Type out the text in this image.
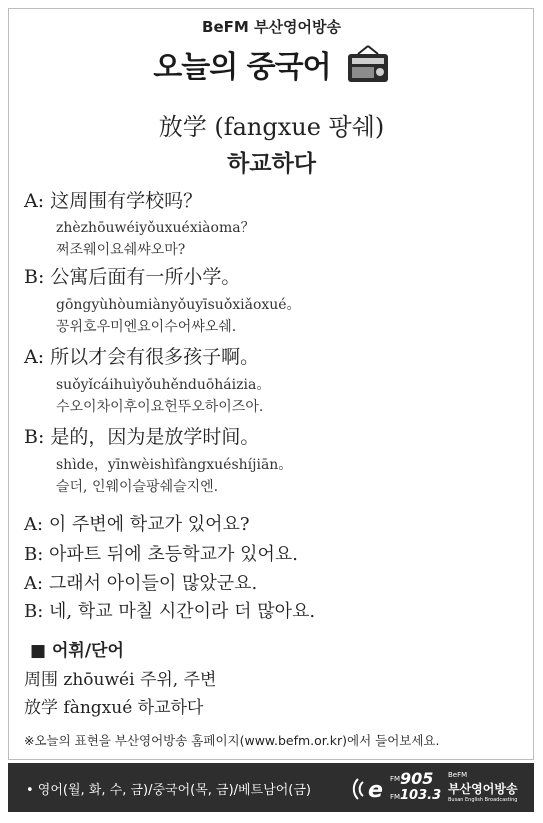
BeFM 부산영어방송
오늘의 중국어
放学 (fangxue 팡쉐)
하교하다
A: 这周围有学校吗？
zhèzhōuwéiyǒuxuéxiàoma？
쩌조웨이요쉐쌰오마?
B: 公寓后面有一所小学。
gōngyùhòumiànyǒuyīsuǒxiǎoxué。
꽁위호우미엔요이수어쌰오쉐.
A: 所以才会有很多孩子啊。
suǒyǐcáihuìyǒuhěnduōháizia。
수오이차이후이요헌뚜오하이즈아.
B: 是的，因为是放学时间。
shìde，yīnwèishìfàngxuéshíjiān。
슬더, 인웨이슬팡쉐슬지엔.
A: 이 주변에 학교가 있어요?
B: 아파트 뒤에 초등학교가 있어요.
A: 그래서 아이들이 많았군요.
B: 네, 학교 마칠 시간이라 더 많아요.
■ 어휘/단어
周围 zhōuwéi 주위, 주변
放学 fàngxué 하교하다
※오늘의 표현을 부산영어방송 홈페이지(www.befm.or.kr)에서 들어보세요.
• 영어(월, 화, 수, 금)/중국어(목, 금)/베트남어(금)	e FM 905
FM 103.3
BeFM
부산영어방송
Busan English Broadcasting
